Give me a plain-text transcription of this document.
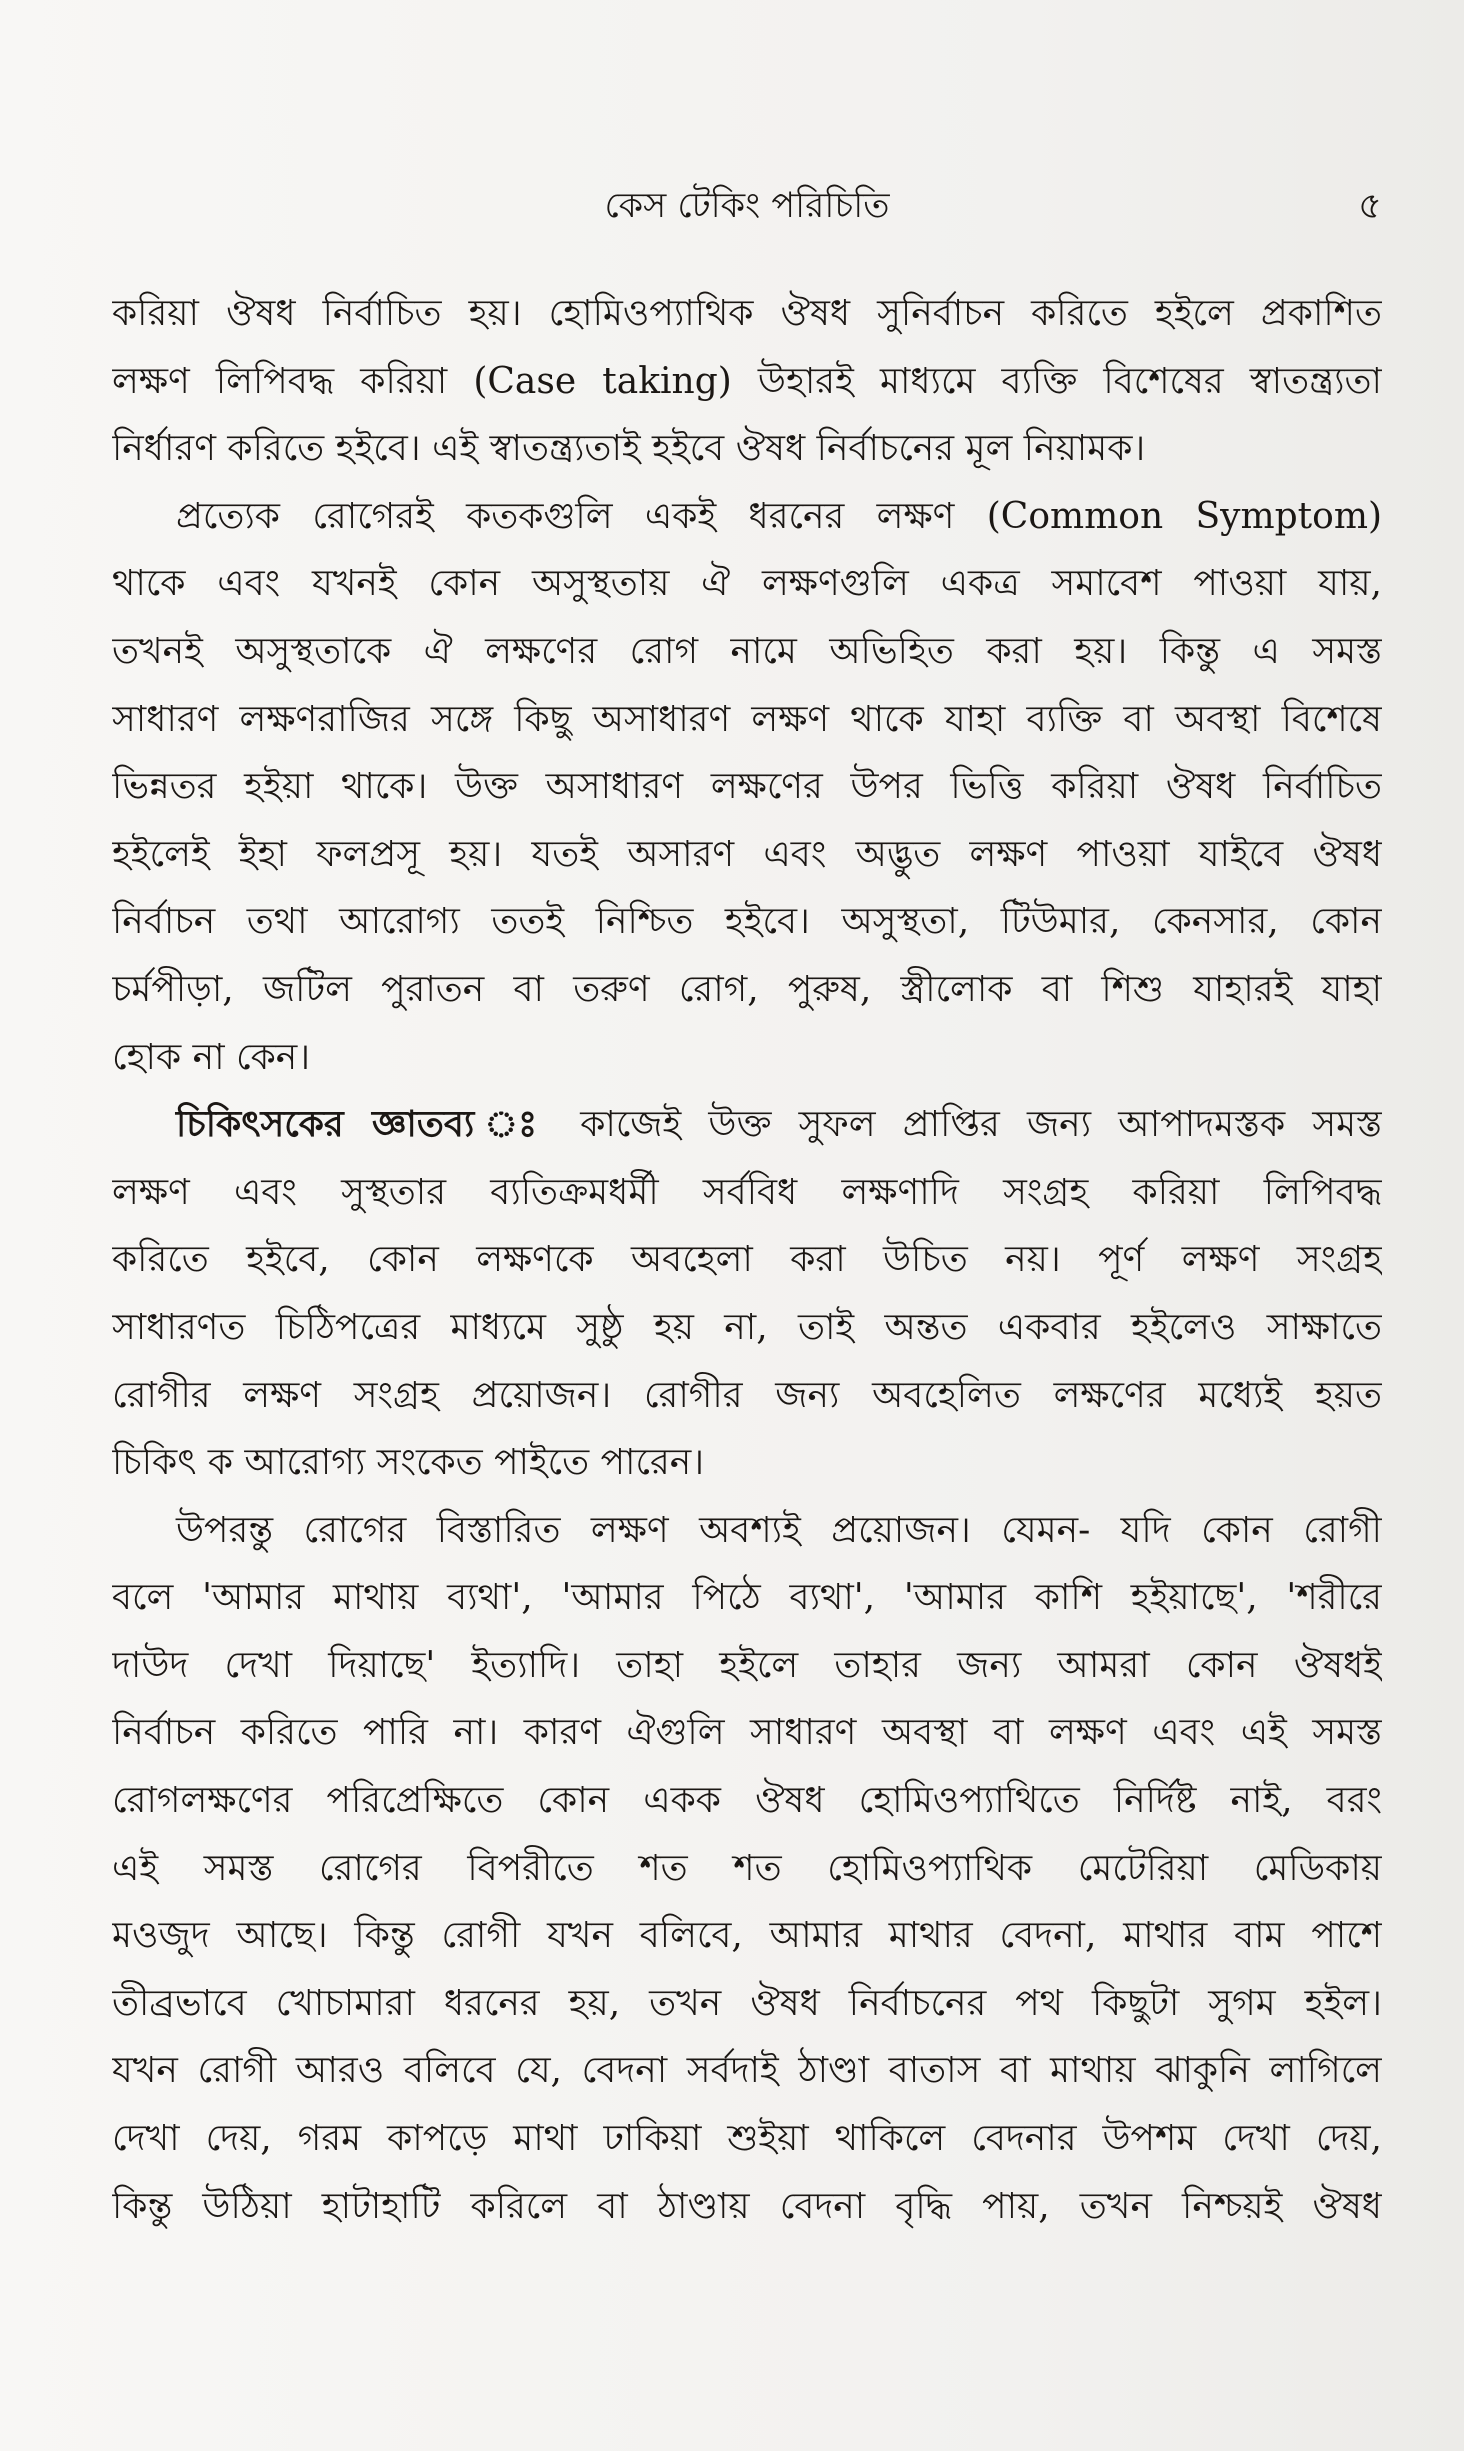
কেস টেকিং পরিচিতি	৫
করিয়া ঔষধ নির্বাচিত হয়। হোমিওপ্যাথিক ঔষধ সুনির্বাচন করিতে হইলে প্রকাশিত
লক্ষণ লিপিবদ্ধ করিয়া (Case taking) উহারই মাধ্যমে ব্যক্তি বিশেষের স্বাতন্ত্র্যতা
নির্ধারণ করিতে হইবে। এই স্বাতন্ত্র্যতাই হইবে ঔষধ নির্বাচনের মূল নিয়ামক।
প্রত্যেক রোগেরই কতকগুলি একই ধরনের লক্ষণ (Common Symptom)
থাকে এবং যখনই কোন অসুস্থতায় ঐ লক্ষণগুলি একত্র সমাবেশ পাওয়া যায়,
তখনই অসুস্থতাকে ঐ লক্ষণের রোগ নামে অভিহিত করা হয়। কিন্তু এ সমস্ত
সাধারণ লক্ষণরাজির সঙ্গে কিছু অসাধারণ লক্ষণ থাকে যাহা ব্যক্তি বা অবস্থা বিশেষে
ভিন্নতর হইয়া থাকে। উক্ত অসাধারণ লক্ষণের উপর ভিত্তি করিয়া ঔষধ নির্বাচিত
হইলেই ইহা ফলপ্রসূ হয়। যতই অসারণ এবং অদ্ভুত লক্ষণ পাওয়া যাইবে ঔষধ
নির্বাচন তথা আরোগ্য ততই নিশ্চিত হইবে। অসুস্থতা, টিউমার, কেনসার, কোন
চর্মপীড়া, জটিল পুরাতন বা তরুণ রোগ, পুরুষ, স্ত্রীলোক বা শিশু যাহারই যাহা
হোক না কেন।
চিকিৎসকের জ্ঞাতব্য ঃ কাজেই উক্ত সুফল প্রাপ্তির জন্য আপাদমস্তক সমস্ত
লক্ষণ এবং সুস্থতার ব্যতিক্রমধর্মী সর্ববিধ লক্ষণাদি সংগ্রহ করিয়া লিপিবদ্ধ
করিতে হইবে, কোন লক্ষণকে অবহেলা করা উচিত নয়। পূর্ণ লক্ষণ সংগ্রহ
সাধারণত চিঠিপত্রের মাধ্যমে সুষ্ঠু হয় না, তাই অন্তত একবার হইলেও সাক্ষাতে
রোগীর লক্ষণ সংগ্রহ প্রয়োজন। রোগীর জন্য অবহেলিত লক্ষণের মধ্যেই হয়ত
চিকিৎ ক আরোগ্য সংকেত পাইতে পারেন।
উপরন্তু রোগের বিস্তারিত লক্ষণ অবশ্যই প্রয়োজন। যেমন- যদি কোন রোগী
বলে 'আমার মাথায় ব্যথা', 'আমার পিঠে ব্যথা', 'আমার কাশি হইয়াছে', 'শরীরে
দাউদ দেখা দিয়াছে' ইত্যাদি। তাহা হইলে তাহার জন্য আমরা কোন ঔষধই
নির্বাচন করিতে পারি না। কারণ ঐগুলি সাধারণ অবস্থা বা লক্ষণ এবং এই সমস্ত
রোগলক্ষণের পরিপ্রেক্ষিতে কোন একক ঔষধ হোমিওপ্যাথিতে নির্দিষ্ট নাই, বরং
এই সমস্ত রোগের বিপরীতে শত শত হোমিওপ্যাথিক মেটেরিয়া মেডিকায়
মওজুদ আছে। কিন্তু রোগী যখন বলিবে, আমার মাথার বেদনা, মাথার বাম পাশে
তীব্রভাবে খোচামারা ধরনের হয়, তখন ঔষধ নির্বাচনের পথ কিছুটা সুগম হইল।
যখন রোগী আরও বলিবে যে, বেদনা সর্বদাই ঠাণ্ডা বাতাস বা মাথায় ঝাকুনি লাগিলে
দেখা দেয়, গরম কাপড়ে মাথা ঢাকিয়া শুইয়া থাকিলে বেদনার উপশম দেখা দেয়,
কিন্তু উঠিয়া হাটাহাটি করিলে বা ঠাণ্ডায় বেদনা বৃদ্ধি পায়, তখন নিশ্চয়ই ঔষধ
